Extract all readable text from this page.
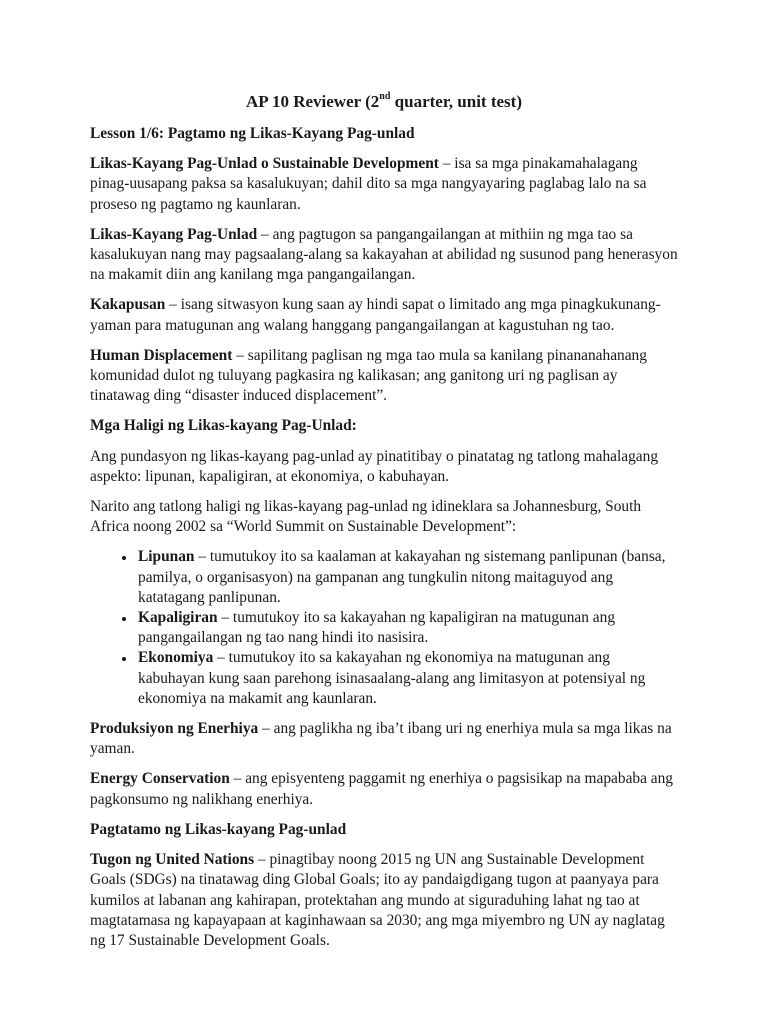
AP 10 Reviewer (2nd quarter, unit test)

Lesson 1/6: Pagtamo ng Likas-Kayang Pag-unlad

Likas-Kayang Pag-Unlad o Sustainable Development – isa sa mga pinakamahalagang pinag-uusapang paksa sa kasalukuyan; dahil dito sa mga nangyayaring paglabag lalo na sa proseso ng pagtamo ng kaunlaran.

Likas-Kayang Pag-Unlad – ang pagtugon sa pangangailangan at mithiin ng mga tao sa kasalukuyan nang may pagsaalang-alang sa kakayahan at abilidad ng susunod pang henerasyon na makamit diin ang kanilang mga pangangailangan.

Kakapusan – isang sitwasyon kung saan ay hindi sapat o limitado ang mga pinagkukunang-yaman para matugunan ang walang hanggang pangangailangan at kagustuhan ng tao.

Human Displacement – sapilitang paglisan ng mga tao mula sa kanilang pinananahanang komunidad dulot ng tuluyang pagkasira ng kalikasan; ang ganitong uri ng paglisan ay tinatawag ding “disaster induced displacement”.

Mga Haligi ng Likas-kayang Pag-Unlad:

Ang pundasyon ng likas-kayang pag-unlad ay pinatitibay o pinatatag ng tatlong mahalagang aspekto: lipunan, kapaligiran, at ekonomiya, o kabuhayan.

Narito ang tatlong haligi ng likas-kayang pag-unlad ng idineklara sa Johannesburg, South Africa noong 2002 sa “World Summit on Sustainable Development”:

• Lipunan – tumutukoy ito sa kaalaman at kakayahan ng sistemang panlipunan (bansa, pamilya, o organisasyon) na gampanan ang tungkulin nitong maitaguyod ang katatagang panlipunan.
• Kapaligiran – tumutukoy ito sa kakayahan ng kapaligiran na matugunan ang pangangailangan ng tao nang hindi ito nasisira.
• Ekonomiya – tumutukoy ito sa kakayahan ng ekonomiya na matugunan ang kabuhayan kung saan parehong isinasaalang-alang ang limitasyon at potensiyal ng ekonomiya na makamit ang kaunlaran.

Produksiyon ng Enerhiya – ang paglikha ng iba’t ibang uri ng enerhiya mula sa mga likas na yaman.

Energy Conservation – ang episyenteng paggamit ng enerhiya o pagsisikap na mapababa ang pagkonsumo ng nalikhang enerhiya.

Pagtatamo ng Likas-kayang Pag-unlad

Tugon ng United Nations – pinagtibay noong 2015 ng UN ang Sustainable Development Goals (SDGs) na tinatawag ding Global Goals; ito ay pandaigdigang tugon at paanyaya para kumilos at labanan ang kahirapan, protektahan ang mundo at siguraduhing lahat ng tao at magtatamasa ng kapayapaan at kaginhawaan sa 2030; ang mga miyembro ng UN ay naglatag ng 17 Sustainable Development Goals.
